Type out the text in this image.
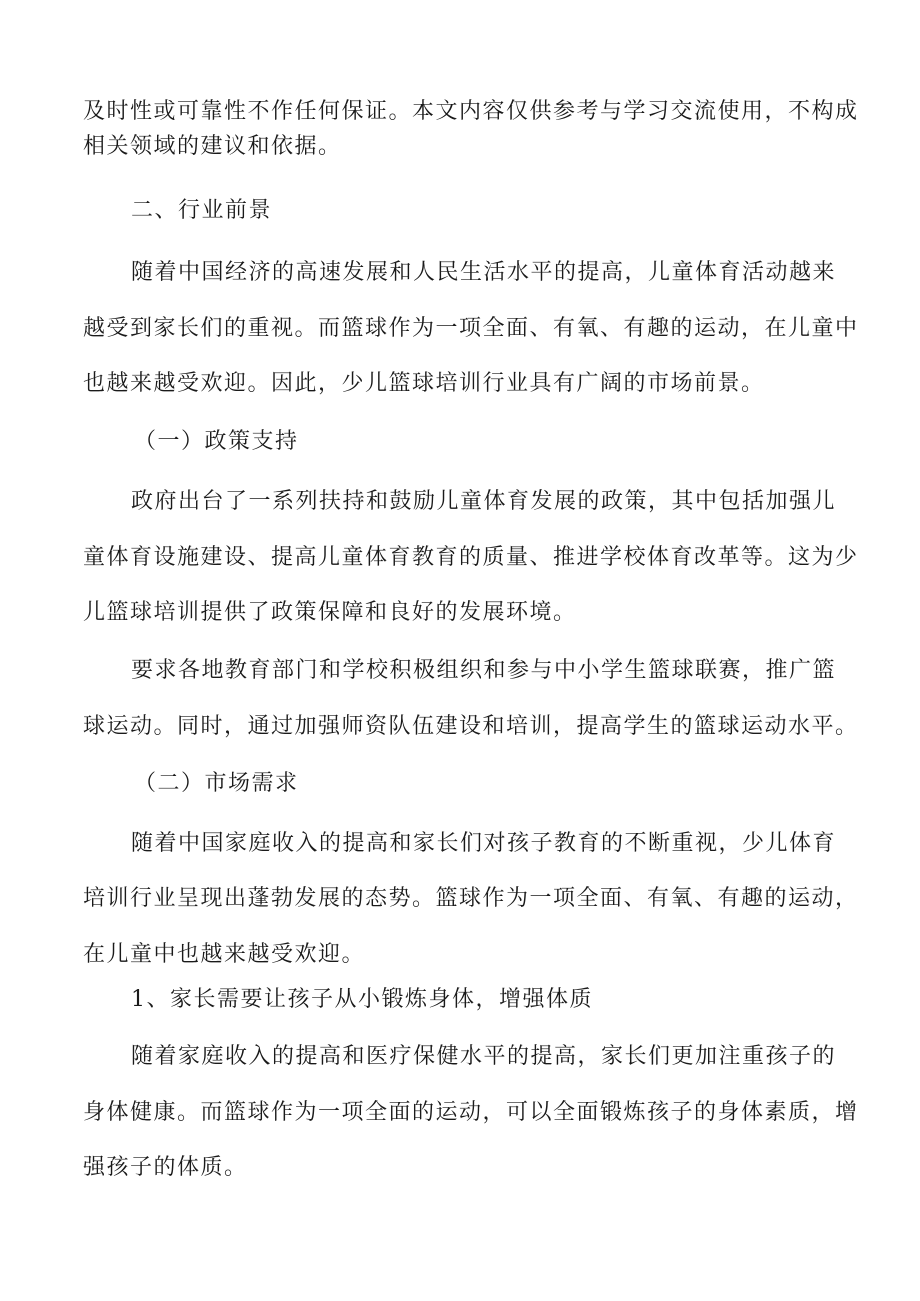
及时性或可靠性不作任何保证。本文内容仅供参考与学习交流使用，不构成
相关领域的建议和依据。
二、行业前景
随着中国经济的高速发展和人民生活水平的提高，儿童体育活动越来
越受到家长们的重视。而篮球作为一项全面、有氧、有趣的运动，在儿童中
也越来越受欢迎。因此，少儿篮球培训行业具有广阔的市场前景。
（一）政策支持
政府出台了一系列扶持和鼓励儿童体育发展的政策，其中包括加强儿
童体育设施建设、提高儿童体育教育的质量、推进学校体育改革等。这为少
儿篮球培训提供了政策保障和良好的发展环境。
要求各地教育部门和学校积极组织和参与中小学生篮球联赛，推广篮
球运动。同时，通过加强师资队伍建设和培训，提高学生的篮球运动水平。
（二）市场需求
随着中国家庭收入的提高和家长们对孩子教育的不断重视，少儿体育
培训行业呈现出蓬勃发展的态势。篮球作为一项全面、有氧、有趣的运动，
在儿童中也越来越受欢迎。
1、家长需要让孩子从小锻炼身体，增强体质
随着家庭收入的提高和医疗保健水平的提高，家长们更加注重孩子的
身体健康。而篮球作为一项全面的运动，可以全面锻炼孩子的身体素质，增
强孩子的体质。
